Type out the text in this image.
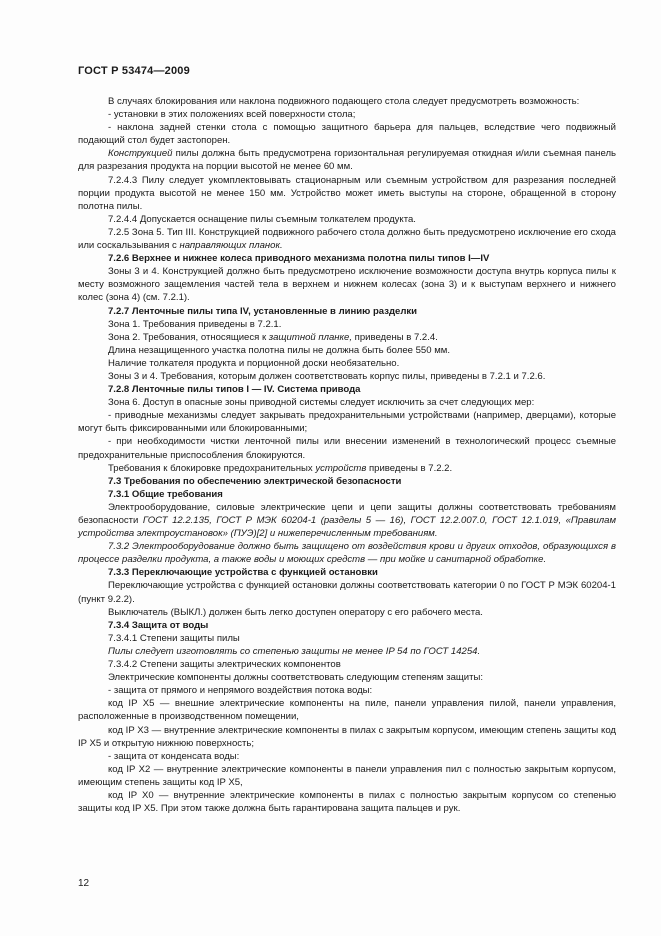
ГОСТ Р 53474—2009

В случаях блокирования или наклона подвижного подающего стола следует предусмотреть возможность:

- установки в этих положениях всей поверхности стола;

- наклона задней стенки стола с помощью защитного барьера для пальцев, вследствие чего подвижный подающий стол будет застопорен.

Конструкцией пилы должна быть предусмотрена горизонтальная регулируемая откидная и/или съемная панель для разрезания продукта на порции высотой не менее 60 мм.

7.2.4.3 Пилу следует укомплектовывать стационарным или съемным устройством для разрезания последней порции продукта высотой не менее 150 мм. Устройство может иметь выступы на стороне, обращенной в сторону полотна пилы.

7.2.4.4 Допускается оснащение пилы съемным толкателем продукта.

7.2.5 Зона 5. Тип III. Конструкцией подвижного рабочего стола должно быть предусмотрено исключение его схода или соскальзывания с направляющих планок.

7.2.6 Верхнее и нижнее колеса приводного механизма полотна пилы типов I—IV

Зоны 3 и 4. Конструкцией должно быть предусмотрено исключение возможности доступа внутрь корпуса пилы к месту возможного защемления частей тела в верхнем и нижнем колесах (зона 3) и к выступам верхнего и нижнего колес (зона 4) (см. 7.2.1).

7.2.7 Ленточные пилы типа IV, установленные в линию разделки

Зона 1. Требования приведены в 7.2.1.

Зона 2. Требования, относящиеся к защитной планке, приведены в 7.2.4.

Длина незащищенного участка полотна пилы не должна быть более 550 мм.

Наличие толкателя продукта и порционной доски необязательно.

Зоны 3 и 4. Требования, которым должен соответствовать корпус пилы, приведены в 7.2.1 и 7.2.6.

7.2.8 Ленточные пилы типов I — IV. Система привода

Зона 6. Доступ в опасные зоны приводной системы следует исключить за счет следующих мер:

- приводные механизмы следует закрывать предохранительными устройствами (например, дверцами), которые могут быть фиксированными или блокированными;

- при необходимости чистки ленточной пилы или внесении изменений в технологический процесс съемные предохранительные приспособления блокируются.

Требования к блокировке предохранительных устройств приведены в 7.2.2.

7.3 Требования по обеспечению электрической безопасности

7.3.1 Общие требования

Электрооборудование, силовые электрические цепи и цепи защиты должны соответствовать требованиям безопасности ГОСТ 12.2.135, ГОСТ Р МЭК 60204-1 (разделы 5 — 16), ГОСТ 12.2.007.0, ГОСТ 12.1.019, «Правилам устройства электроустановок» (ПУЭ)[2] и нижеперечисленным требованиям.

7.3.2 Электрооборудование должно быть защищено от воздействия крови и других отходов, образующихся в процессе разделки продукта, а также воды и моющих средств — при мойке и санитарной обработке.

7.3.3 Переключающие устройства с функцией остановки

Переключающие устройства с функцией остановки должны соответствовать категории 0 по ГОСТ Р МЭК 60204-1 (пункт 9.2.2).

Выключатель (ВЫКЛ.) должен быть легко доступен оператору с его рабочего места.

7.3.4 Защита от воды

7.3.4.1 Степени защиты пилы

Пилы следует изготовлять со степенью защиты не менее IP 54 по ГОСТ 14254.

7.3.4.2 Степени защиты электрических компонентов

Электрические компоненты должны соответствовать следующим степеням защиты:

- защита от прямого и непрямого воздействия потока воды:

код IP X5 — внешние электрические компоненты на пиле, панели управления пилой, панели управления, расположенные в производственном помещении,

код IP X3 — внутренние электрические компоненты в пилах с закрытым корпусом, имеющим степень защиты код IP X5 и открытую нижнюю поверхность;

- защита от конденсата воды:

код IP X2 — внутренние электрические компоненты в панели управления пил с полностью закрытым корпусом, имеющим степень защиты код IP X5,

код IP X0 — внутренние электрические компоненты в пилах с полностью закрытым корпусом со степенью защиты код IP X5. При этом также должна быть гарантирована защита пальцев и рук.

12
